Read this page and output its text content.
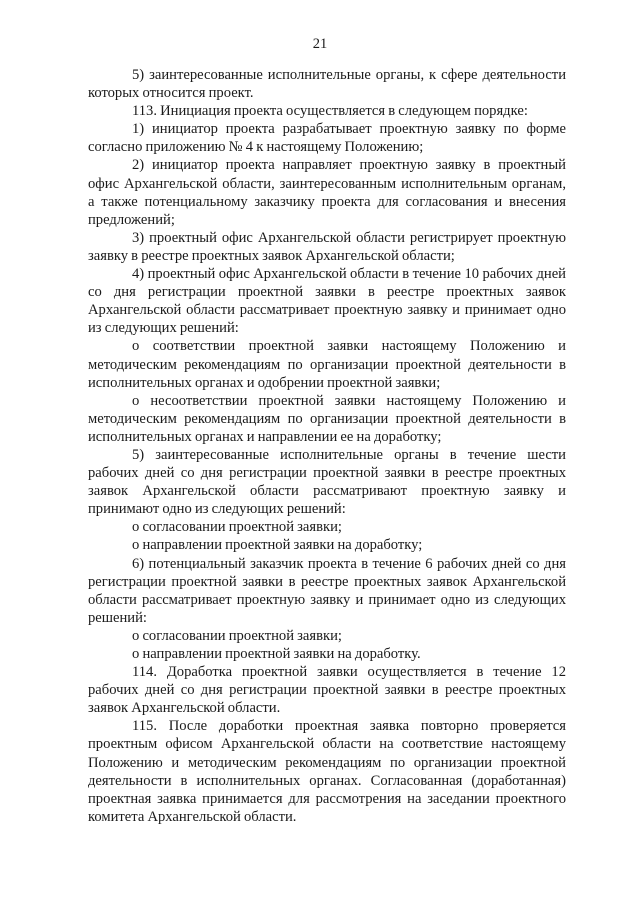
21

5) заинтересованные исполнительные органы, к сфере деятельности которых относится проект.

113. Инициация проекта осуществляется в следующем порядке:

1) инициатор проекта разрабатывает проектную заявку по форме согласно приложению № 4 к настоящему Положению;

2) инициатор проекта направляет проектную заявку в проектный офис Архангельской области, заинтересованным исполнительным органам, а также потенциальному заказчику проекта для согласования и внесения предложений;

3) проектный офис Архангельской области регистрирует проектную заявку в реестре проектных заявок Архангельской области;

4) проектный офис Архангельской области в течение 10 рабочих дней со дня регистрации проектной заявки в реестре проектных заявок Архангельской области рассматривает проектную заявку и принимает одно из следующих решений:

о соответствии проектной заявки настоящему Положению и методическим рекомендациям по организации проектной деятельности в исполнительных органах и одобрении проектной заявки;

о несоответствии проектной заявки настоящему Положению и методическим рекомендациям по организации проектной деятельности в исполнительных органах и направлении ее на доработку;

5) заинтересованные исполнительные органы в течение шести рабочих дней со дня регистрации проектной заявки в реестре проектных заявок Архангельской области рассматривают проектную заявку и принимают одно из следующих решений:

о согласовании проектной заявки;

о направлении проектной заявки на доработку;

6) потенциальный заказчик проекта в течение 6 рабочих дней со дня регистрации проектной заявки в реестре проектных заявок Архангельской области рассматривает проектную заявку и принимает одно из следующих решений:

о согласовании проектной заявки;

о направлении проектной заявки на доработку.

114. Доработка проектной заявки осуществляется в течение 12 рабочих дней со дня регистрации проектной заявки в реестре проектных заявок Архангельской области.

115. После доработки проектная заявка повторно проверяется проектным офисом Архангельской области на соответствие настоящему Положению и методическим рекомендациям по организации проектной деятельности в исполнительных органах. Согласованная (доработанная) проектная заявка принимается для рассмотрения на заседании проектного комитета Архангельской области.
